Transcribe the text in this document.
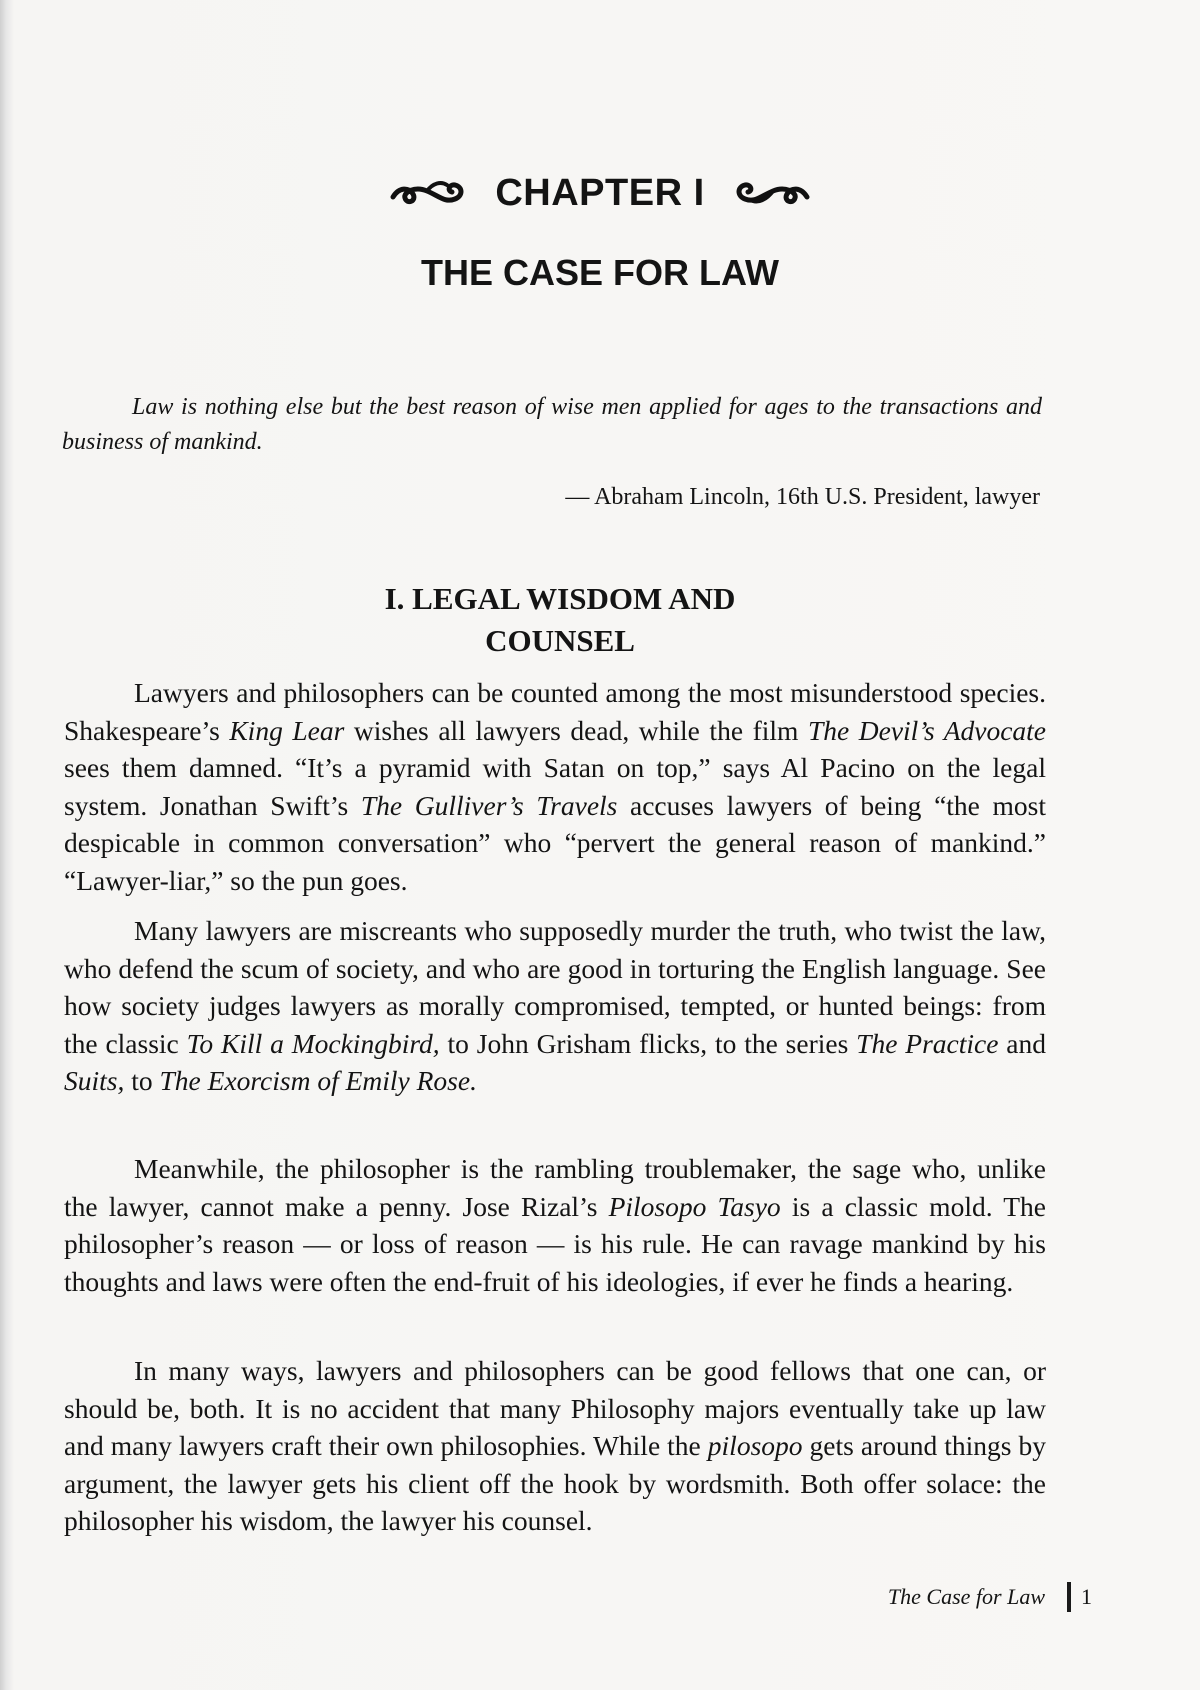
CHAPTER I
THE CASE FOR LAW
Law is nothing else but the best reason of wise men applied for ages to the transactions and business of mankind.
— Abraham Lincoln, 16th U.S. President, lawyer
I. LEGAL WISDOM AND
COUNSEL

Lawyers and philosophers can be counted among the most misunderstood species. Shakespeare’s King Lear wishes all lawyers dead, while the film The Devil’s Advocate sees them damned. “It’s a pyramid with Satan on top,” says Al Pacino on the legal system. Jonathan Swift’s The Gulliver’s Travels accuses lawyers of being “the most despicable in common conversation” who “pervert the general reason of mankind.” “Lawyer-liar,” so the pun goes.

Many lawyers are miscreants who supposedly murder the truth, who twist the law, who defend the scum of society, and who are good in torturing the English language. See how society judges lawyers as morally compromised, tempted, or hunted beings: from the classic To Kill a Mockingbird, to John Grisham flicks, to the series The Practice and Suits, to The Exorcism of Emily Rose.

Meanwhile, the philosopher is the rambling troublemaker, the sage who, unlike the lawyer, cannot make a penny. Jose Rizal’s Pilosopo Tasyo is a classic mold. The philosopher’s reason — or loss of reason — is his rule. He can ravage mankind by his thoughts and laws were often the end-fruit of his ideologies, if ever he finds a hearing.

In many ways, lawyers and philosophers can be good fellows that one can, or should be, both. It is no accident that many Philosophy majors eventually take up law and many lawyers craft their own philosophies. While the pilosopo gets around things by argument, the lawyer gets his client off the hook by wordsmith. Both offer solace: the philosopher his wisdom, the lawyer his counsel.

The Case for Law 1
